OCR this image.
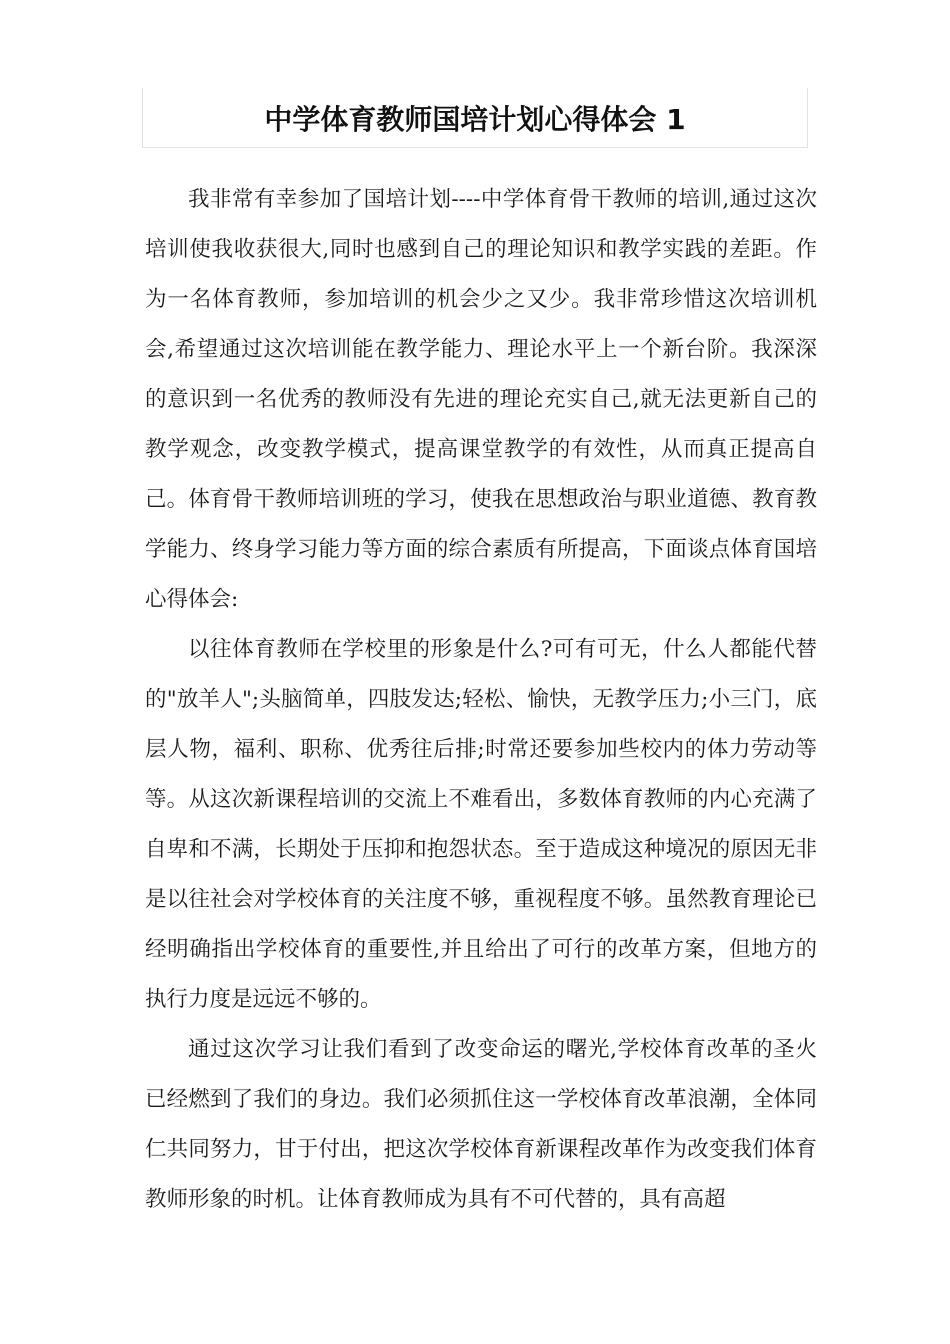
中学体育教师国培计划心得体会 1

我非常有幸参加了国培计划----中学体育骨干教师的培训,通过这次培训使我收获很大,同时也感到自己的理论知识和教学实践的差距。作为一名体育教师，参加培训的机会少之又少。我非常珍惜这次培训机会,希望通过这次培训能在教学能力、理论水平上一个新台阶。我深深的意识到一名优秀的教师没有先进的理论充实自己,就无法更新自己的教学观念，改变教学模式，提高课堂教学的有效性，从而真正提高自己。体育骨干教师培训班的学习，使我在思想政治与职业道德、教育教学能力、终身学习能力等方面的综合素质有所提高，下面谈点体育国培心得体会:

以往体育教师在学校里的形象是什么?可有可无，什么人都能代替的"放羊人";头脑简单，四肢发达;轻松、愉快，无教学压力;小三门，底层人物，福利、职称、优秀往后排;时常还要参加些校内的体力劳动等等。从这次新课程培训的交流上不难看出，多数体育教师的内心充满了自卑和不满，长期处于压抑和抱怨状态。至于造成这种境况的原因无非是以往社会对学校体育的关注度不够，重视程度不够。虽然教育理论已经明确指出学校体育的重要性,并且给出了可行的改革方案，但地方的执行力度是远远不够的。

通过这次学习让我们看到了改变命运的曙光,学校体育改革的圣火已经燃到了我们的身边。我们必须抓住这一学校体育改革浪潮，全体同仁共同努力，甘于付出，把这次学校体育新课程改革作为改变我们体育教师形象的时机。让体育教师成为具有不可代替的，具有高超
